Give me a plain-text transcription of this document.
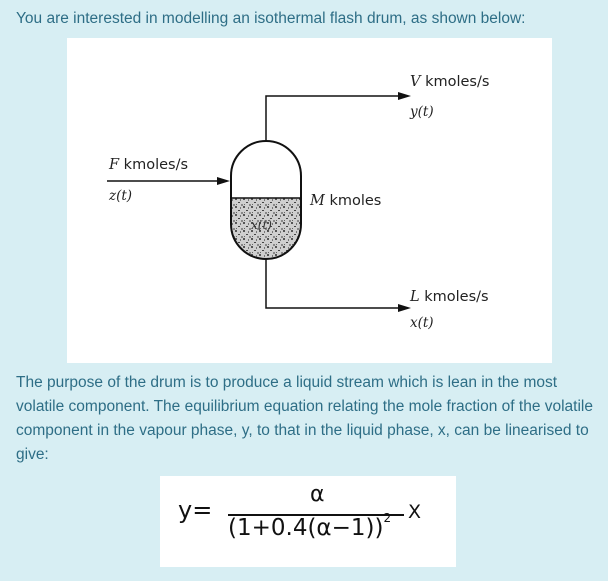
You are interested in modelling an isothermal flash drum, as shown below:

V kmoles/s

y(t)

F kmoles/s

z(t)	M kmoles

x(t)

L kmoles/s

x(t)

The purpose of the drum is to produce a liquid stream which is lean in the most volatile component. The equilibrium equation relating the mole fraction of the volatile component in the vapour phase, y, to that in the liquid phase, x, can be linearised to give:

y=
α
$(1+0.4(\alpha-1))^2$ X
